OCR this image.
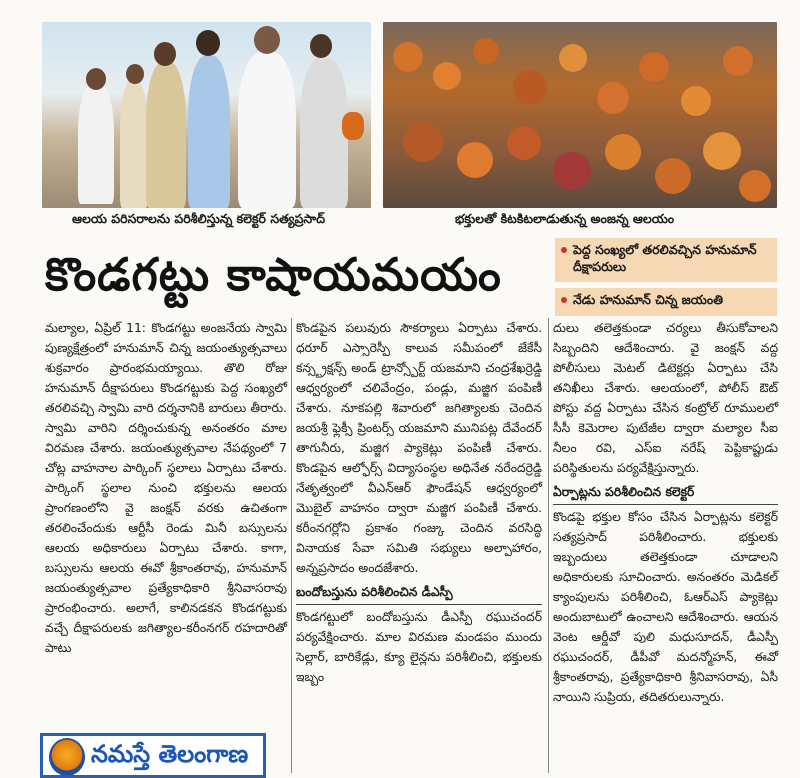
ఆలయ పరిసరాలను పరిశీలిస్తున్న కలెక్టర్ సత్యప్రసాద్	భక్తులతో కిటకిటలాడుతున్న అంజన్న ఆలయం
కొండగట్టు కాషాయమయం	పెద్ద సంఖ్యలో తరలివచ్చిన హనుమాన్ దీక్షాపరులు
నేడు హనుమాన్ చిన్న జయంతి

మల్యాల, ఏప్రిల్ 11: కొండగట్టు అంజనేయ స్వామి పుణ్యక్షేత్రంలో హనుమాన్ చిన్న జయంత్యుత్సవాలు శుక్రవారం ప్రారంభమయ్యాయి. తొలి రోజు హనుమాన్ దీక్షాపరులు కొండగట్టుకు పెద్ద సంఖ్యలో తరలివచ్చి స్వామి వారి దర్శనానికి బారులు తీరారు. స్వామి వారిని దర్శించుకున్న అనంతరం మాల విరమణ చేశారు. జయంత్యుత్సవాల నేపథ్యంలో 7 చోట్ల వాహనాల పార్కింగ్ స్థలాలు ఏర్పాటు చేశారు. పార్కింగ్ స్థలాల నుంచి భక్తులను ఆలయ ప్రాంగణంలోని వై జంక్షన్ వరకు ఉచితంగా తరలించేందుకు ఆర్టీసీ రెండు మినీ బస్సులను ఆలయ అధికారులు ఏర్పాటు చేశారు. కాగా, బస్సులను ఆలయ ఈవో శ్రీకాంతరావు, హనుమాన్ జయంత్యుత్సవాల ప్రత్యేకాధికారి శ్రీనివాసరావు ప్రారంభించారు. అలాగే, కాలినడకన కొండగట్టుకు వచ్చే దీక్షాపరులకు జగిత్యాల-కరీంనగర్ రహదారితో పాటు

కొండపైన పలువురు సౌకర్యాలు ఏర్పాటు చేశారు. ధరూర్ ఎస్సారెస్పీ కాలువ సమీపంలో జేకేసీ కన్స్ట్రక్షన్స్ అండ్ ట్రాన్స్పోర్ట్ యజమాని చంద్రశేఖర్రెడ్డి ఆధ్వర్యంలో చలివేంద్రం, పండ్లు, మజ్జిగ పంపిణీ చేశారు. నూకపల్లి శివారులో జగిత్యాలకు చెందిన జయశ్రీ ఫ్లెక్సీ ప్రింటర్స్ యజమాని మునిపట్ల దేవేందర్ తాగునీరు, మజ్జిగ ప్యాకెట్లు పంపిణీ చేశారు. కొండపైన ఆల్ఫోర్స్ విద్యాసంస్థల అధినేత నరేందర్రెడ్డి నేతృత్వంలో వీఎన్ఆర్ ఫౌండేషన్ ఆధ్వర్యంలో మొబైల్ వాహనం ద్వారా మజ్జిగ పంపిణీ చేశారు. కరీంనగర్లోని ప్రకాశం గంజ్కు చెందిన వరసిద్ధి వినాయక సేవా సమితి సభ్యులు అల్పాహారం, అన్నప్రసాదం అందజేశారు.

బందోబస్తును పరిశీలించిన డీఎస్పీ

కొండగట్టులో బందోబస్తును డీఎస్పీ రఘుచందర్ పర్యవేక్షించారు. మాల విరమణ మండపం ముందు సెల్లార్, బారికేడ్లు, క్యూ లైన్లను పరిశీలించి, భక్తులకు ఇబ్బం

దులు తలెత్తకుండా చర్యలు తీసుకోవాలని సిబ్బందిని ఆదేశించారు. వై జంక్షన్ వద్ద పోలీసులు మెటల్ డిటెక్టర్లు ఏర్పాటు చేసి తనిఖీలు చేశారు. ఆలయంలో, పోలీస్ ఔట్ పోస్టు వద్ద ఏర్పాటు చేసిన కంట్రోల్ రూములలో సీసీ కెమెరాల పుటేజీల ద్వారా మల్యాల సీఐ నీలం రవి, ఎస్ఐ నరేష్ పెప్టికాప్టుడు పరిస్థితులను పర్యవేక్షిస్తున్నారు.

ఏర్పాట్లను పరిశీలించిన కలెక్టర్

కొండపై భక్తుల కోసం చేసిన ఏర్పాట్లను కలెక్టర్ సత్యప్రసాద్ పరిశీలించారు. భక్తులకు ఇబ్బందులు తలెత్తకుండా చూడాలని అధికారులకు సూచించారు. అనంతరం మెడికల్ క్యాంపులను పరిశీలించి, ఓఆర్ఎస్ ప్యాకెట్లు అందుబాటులో ఉంచాలని ఆదేశించారు. ఆయన వెంట ఆర్డీవో పులి మధుసూదన్, డీఎస్పీ రఘుచందర్, డీపీవో మదన్మోహన్, ఈవో శ్రీకాంతరావు, ప్రత్యేకాధికారి శ్రీనివాసరావు, ఏసీ నాయిని సుప్రియ, తదితరులున్నారు.

నమస్తే తెలంగాణ
